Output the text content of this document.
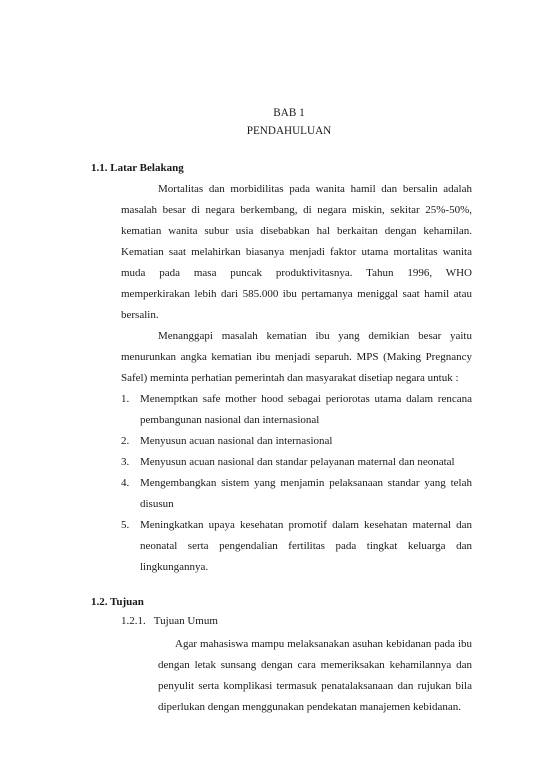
BAB 1
PENDAHULUAN
1.1. Latar Belakang
Mortalitas dan morbidilitas pada wanita hamil dan bersalin adalah
masalah besar di negara berkembang, di negara miskin, sekitar 25%-50%,
kematian wanita subur usia disebabkan hal berkaitan dengan kehamilan.
Kematian saat melahirkan biasanya menjadi faktor utama mortalitas wanita
muda pada masa puncak produktivitasnya. Tahun 1996, WHO
memperkirakan lebih dari 585.000 ibu pertamanya meniggal saat hamil atau
bersalin.
Menanggapi masalah kematian ibu yang demikian besar yaitu
menurunkan angka kematian ibu menjadi separuh. MPS (Making Pregnancy
Safel) meminta perhatian pemerintah dan masyarakat disetiap negara untuk :
1. Menemptkan safe mother hood sebagai periorotas utama dalam rencana
pembangunan nasional dan internasional
2. Menyusun acuan nasional dan internasional
3. Menyusun acuan nasional dan standar pelayanan maternal dan neonatal
4. Mengembangkan sistem yang menjamin pelaksanaan standar yang telah
disusun
5. Meningkatkan upaya kesehatan promotif dalam kesehatan maternal dan
neonatal serta pengendalian fertilitas pada tingkat keluarga dan
lingkungannya.
1.2. Tujuan
1.2.1.   Tujuan Umum
Agar mahasiswa mampu melaksanakan asuhan kebidanan pada ibu
dengan letak sunsang dengan cara memeriksakan kehamilannya dan
penyulit serta komplikasi termasuk penatalaksanaan dan rujukan bila
diperlukan dengan menggunakan pendekatan manajemen kebidanan.
